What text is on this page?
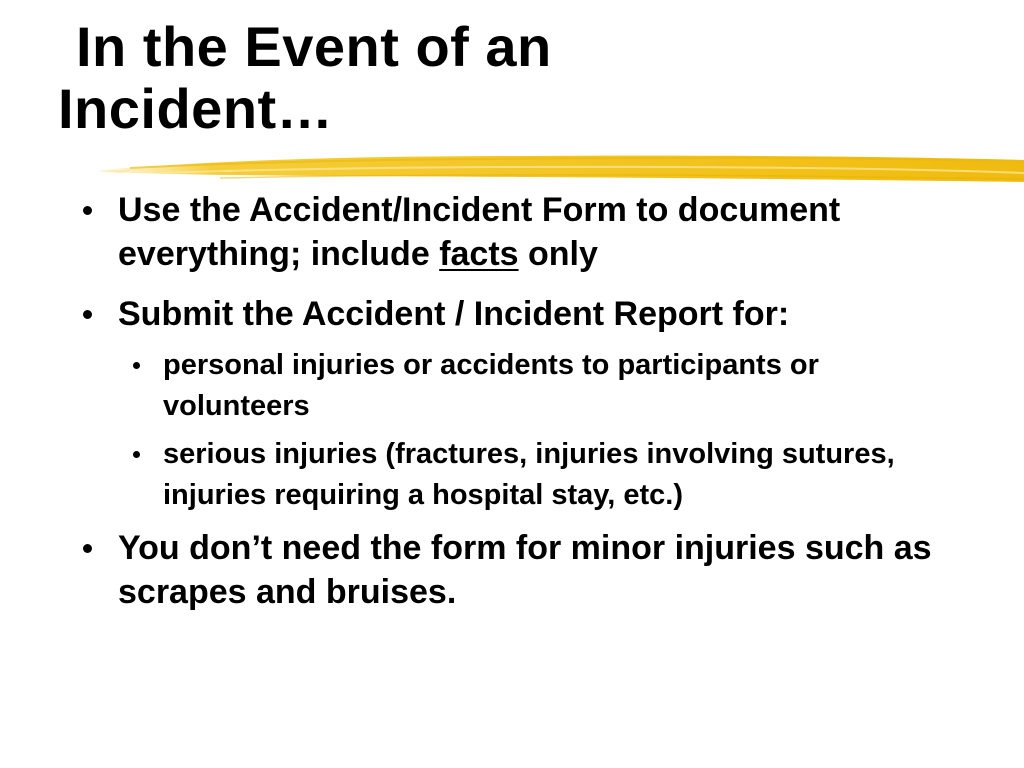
In the Event of an
Incident…
Use the Accident/Incident Form to document everything; include facts only
Submit the Accident / Incident Report for:
personal injuries or accidents to participants or volunteers
serious injuries (fractures, injuries involving sutures, injuries requiring a hospital stay, etc.)
You don’t need the form for minor injuries such as scrapes and bruises.
